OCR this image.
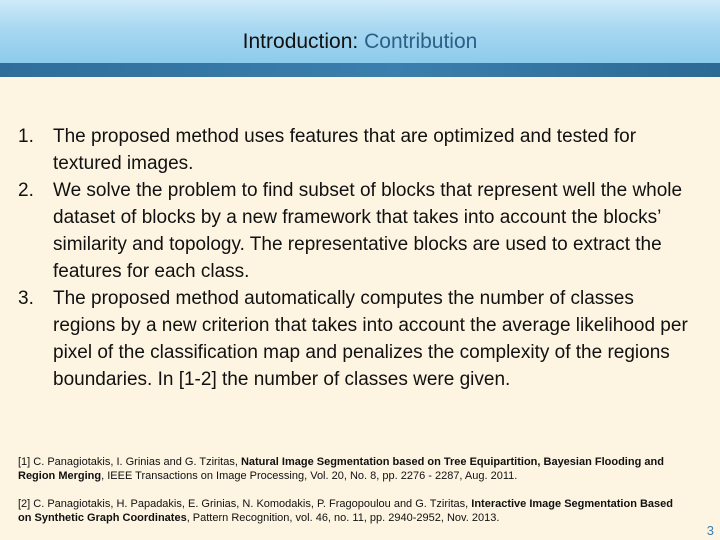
Introduction: Contribution
1. The proposed method uses features that are optimized and tested for textured images.
2. We solve the problem to find subset of blocks that represent well the whole dataset of blocks by a new framework that takes into account the blocks’ similarity and topology. The representative blocks are used to extract the features for each class.
3. The proposed method automatically computes the number of classes regions by a new criterion that takes into account the average likelihood per pixel of the classification map and penalizes the complexity of the regions boundaries. In [1-2] the number of classes were given.
[1] C. Panagiotakis, I. Grinias and G. Tziritas, Natural Image Segmentation based on Tree Equipartition, Bayesian Flooding and Region Merging, IEEE Transactions on Image Processing, Vol. 20, No. 8, pp. 2276 - 2287, Aug. 2011.
[2] C. Panagiotakis, H. Papadakis, E. Grinias, N. Komodakis, P. Fragopoulou and G. Tziritas, Interactive Image Segmentation Based on Synthetic Graph Coordinates, Pattern Recognition, vol. 46, no. 11, pp. 2940-2952, Nov. 2013.
3
